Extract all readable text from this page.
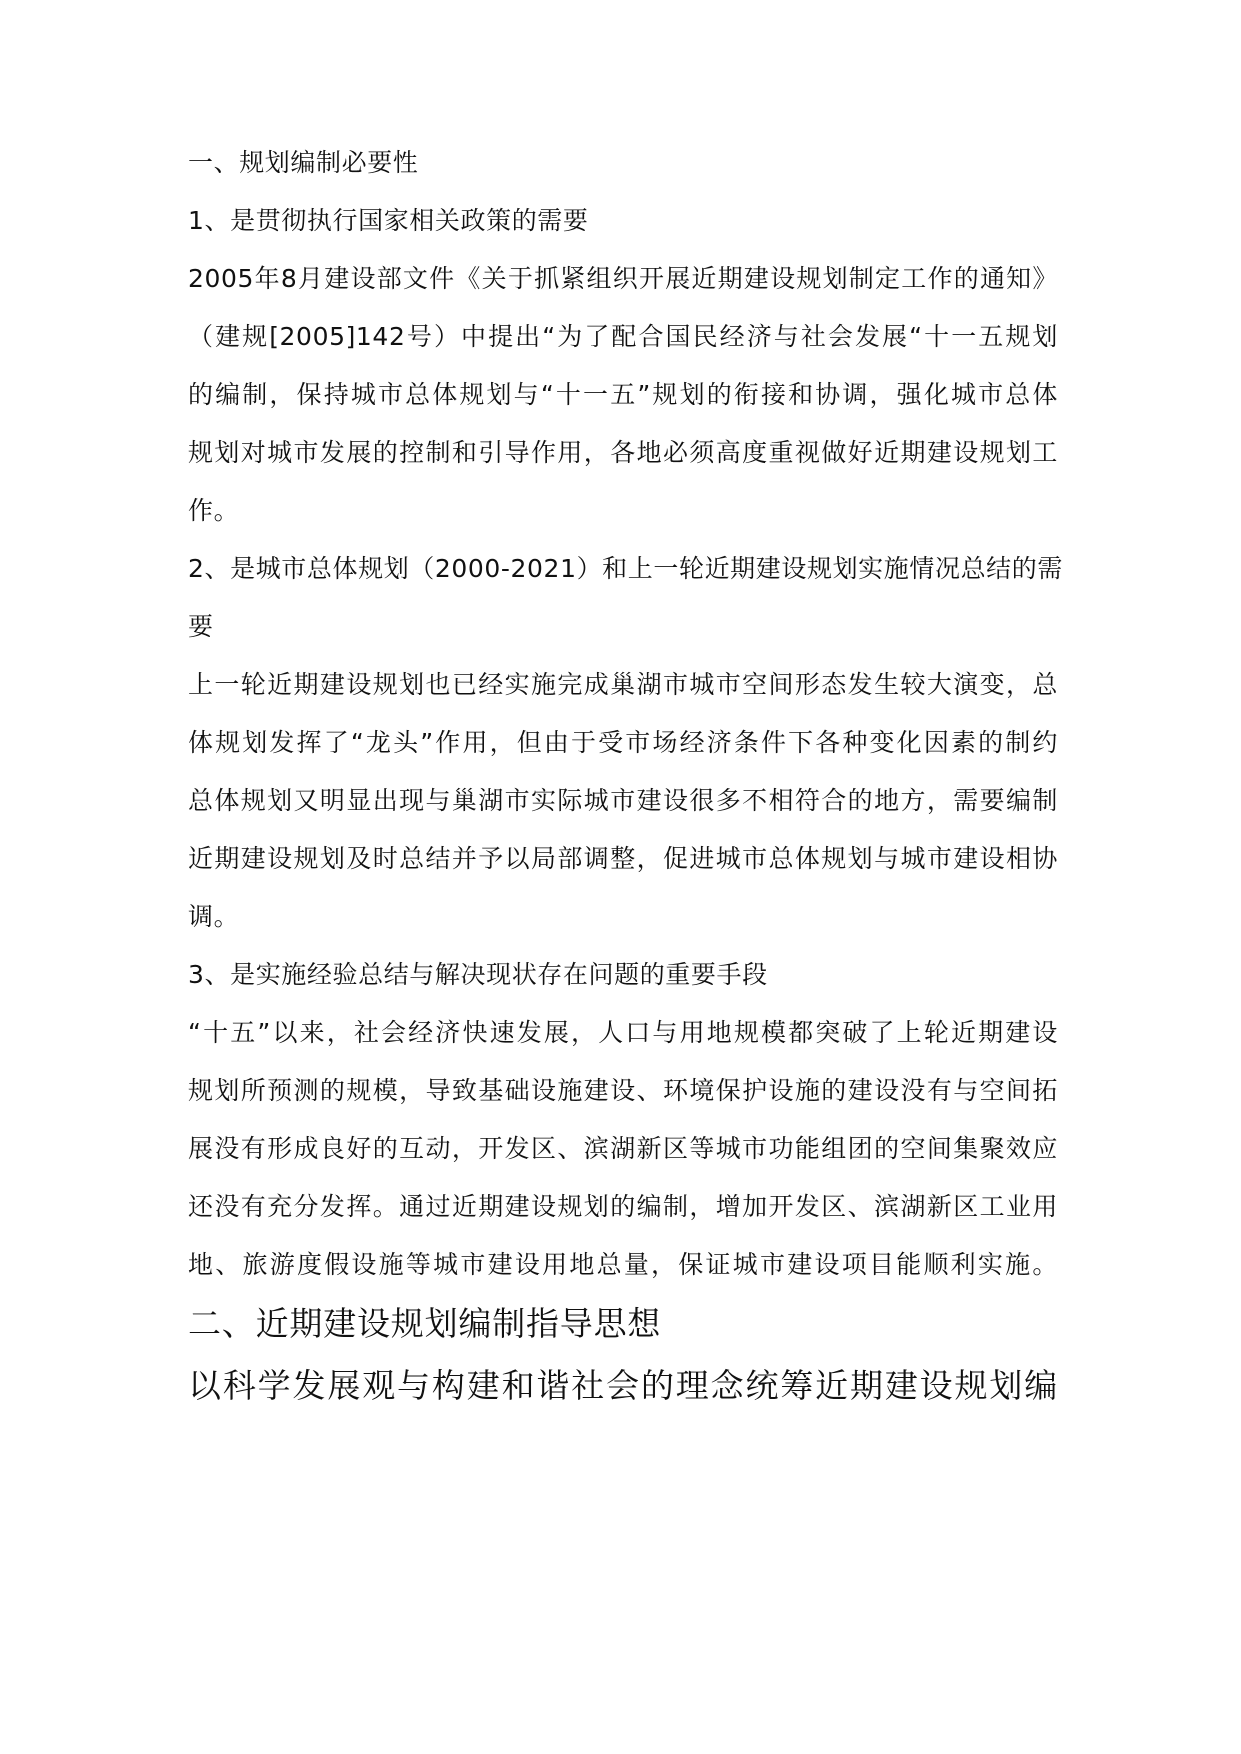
一、规划编制必要性
1、是贯彻执行国家相关政策的需要
2005年8月建设部文件《关于抓紧组织开展近期建设规划制定工作的通知》
（建规[2005]142号）中提出“为了配合国民经济与社会发展“十一五规划
的编制，保持城市总体规划与“十一五”规划的衔接和协调，强化城市总体
规划对城市发展的控制和引导作用，各地必须高度重视做好近期建设规划工
作。
2、是城市总体规划（2000-2021）和上一轮近期建设规划实施情况总结的需
要
上一轮近期建设规划也已经实施完成巢湖市城市空间形态发生较大演变，总
体规划发挥了“龙头”作用，但由于受市场经济条件下各种变化因素的制约
总体规划又明显出现与巢湖市实际城市建设很多不相符合的地方，需要编制
近期建设规划及时总结并予以局部调整，促进城市总体规划与城市建设相协
调。
3、是实施经验总结与解决现状存在问题的重要手段
“十五”以来，社会经济快速发展，人口与用地规模都突破了上轮近期建设
规划所预测的规模，导致基础设施建设、环境保护设施的建设没有与空间拓
展没有形成良好的互动，开发区、滨湖新区等城市功能组团的空间集聚效应
还没有充分发挥。通过近期建设规划的编制，增加开发区、滨湖新区工业用
地、旅游度假设施等城市建设用地总量，保证城市建设项目能顺利实施。
二、近期建设规划编制指导思想
以科学发展观与构建和谐社会的理念统筹近期建设规划编
